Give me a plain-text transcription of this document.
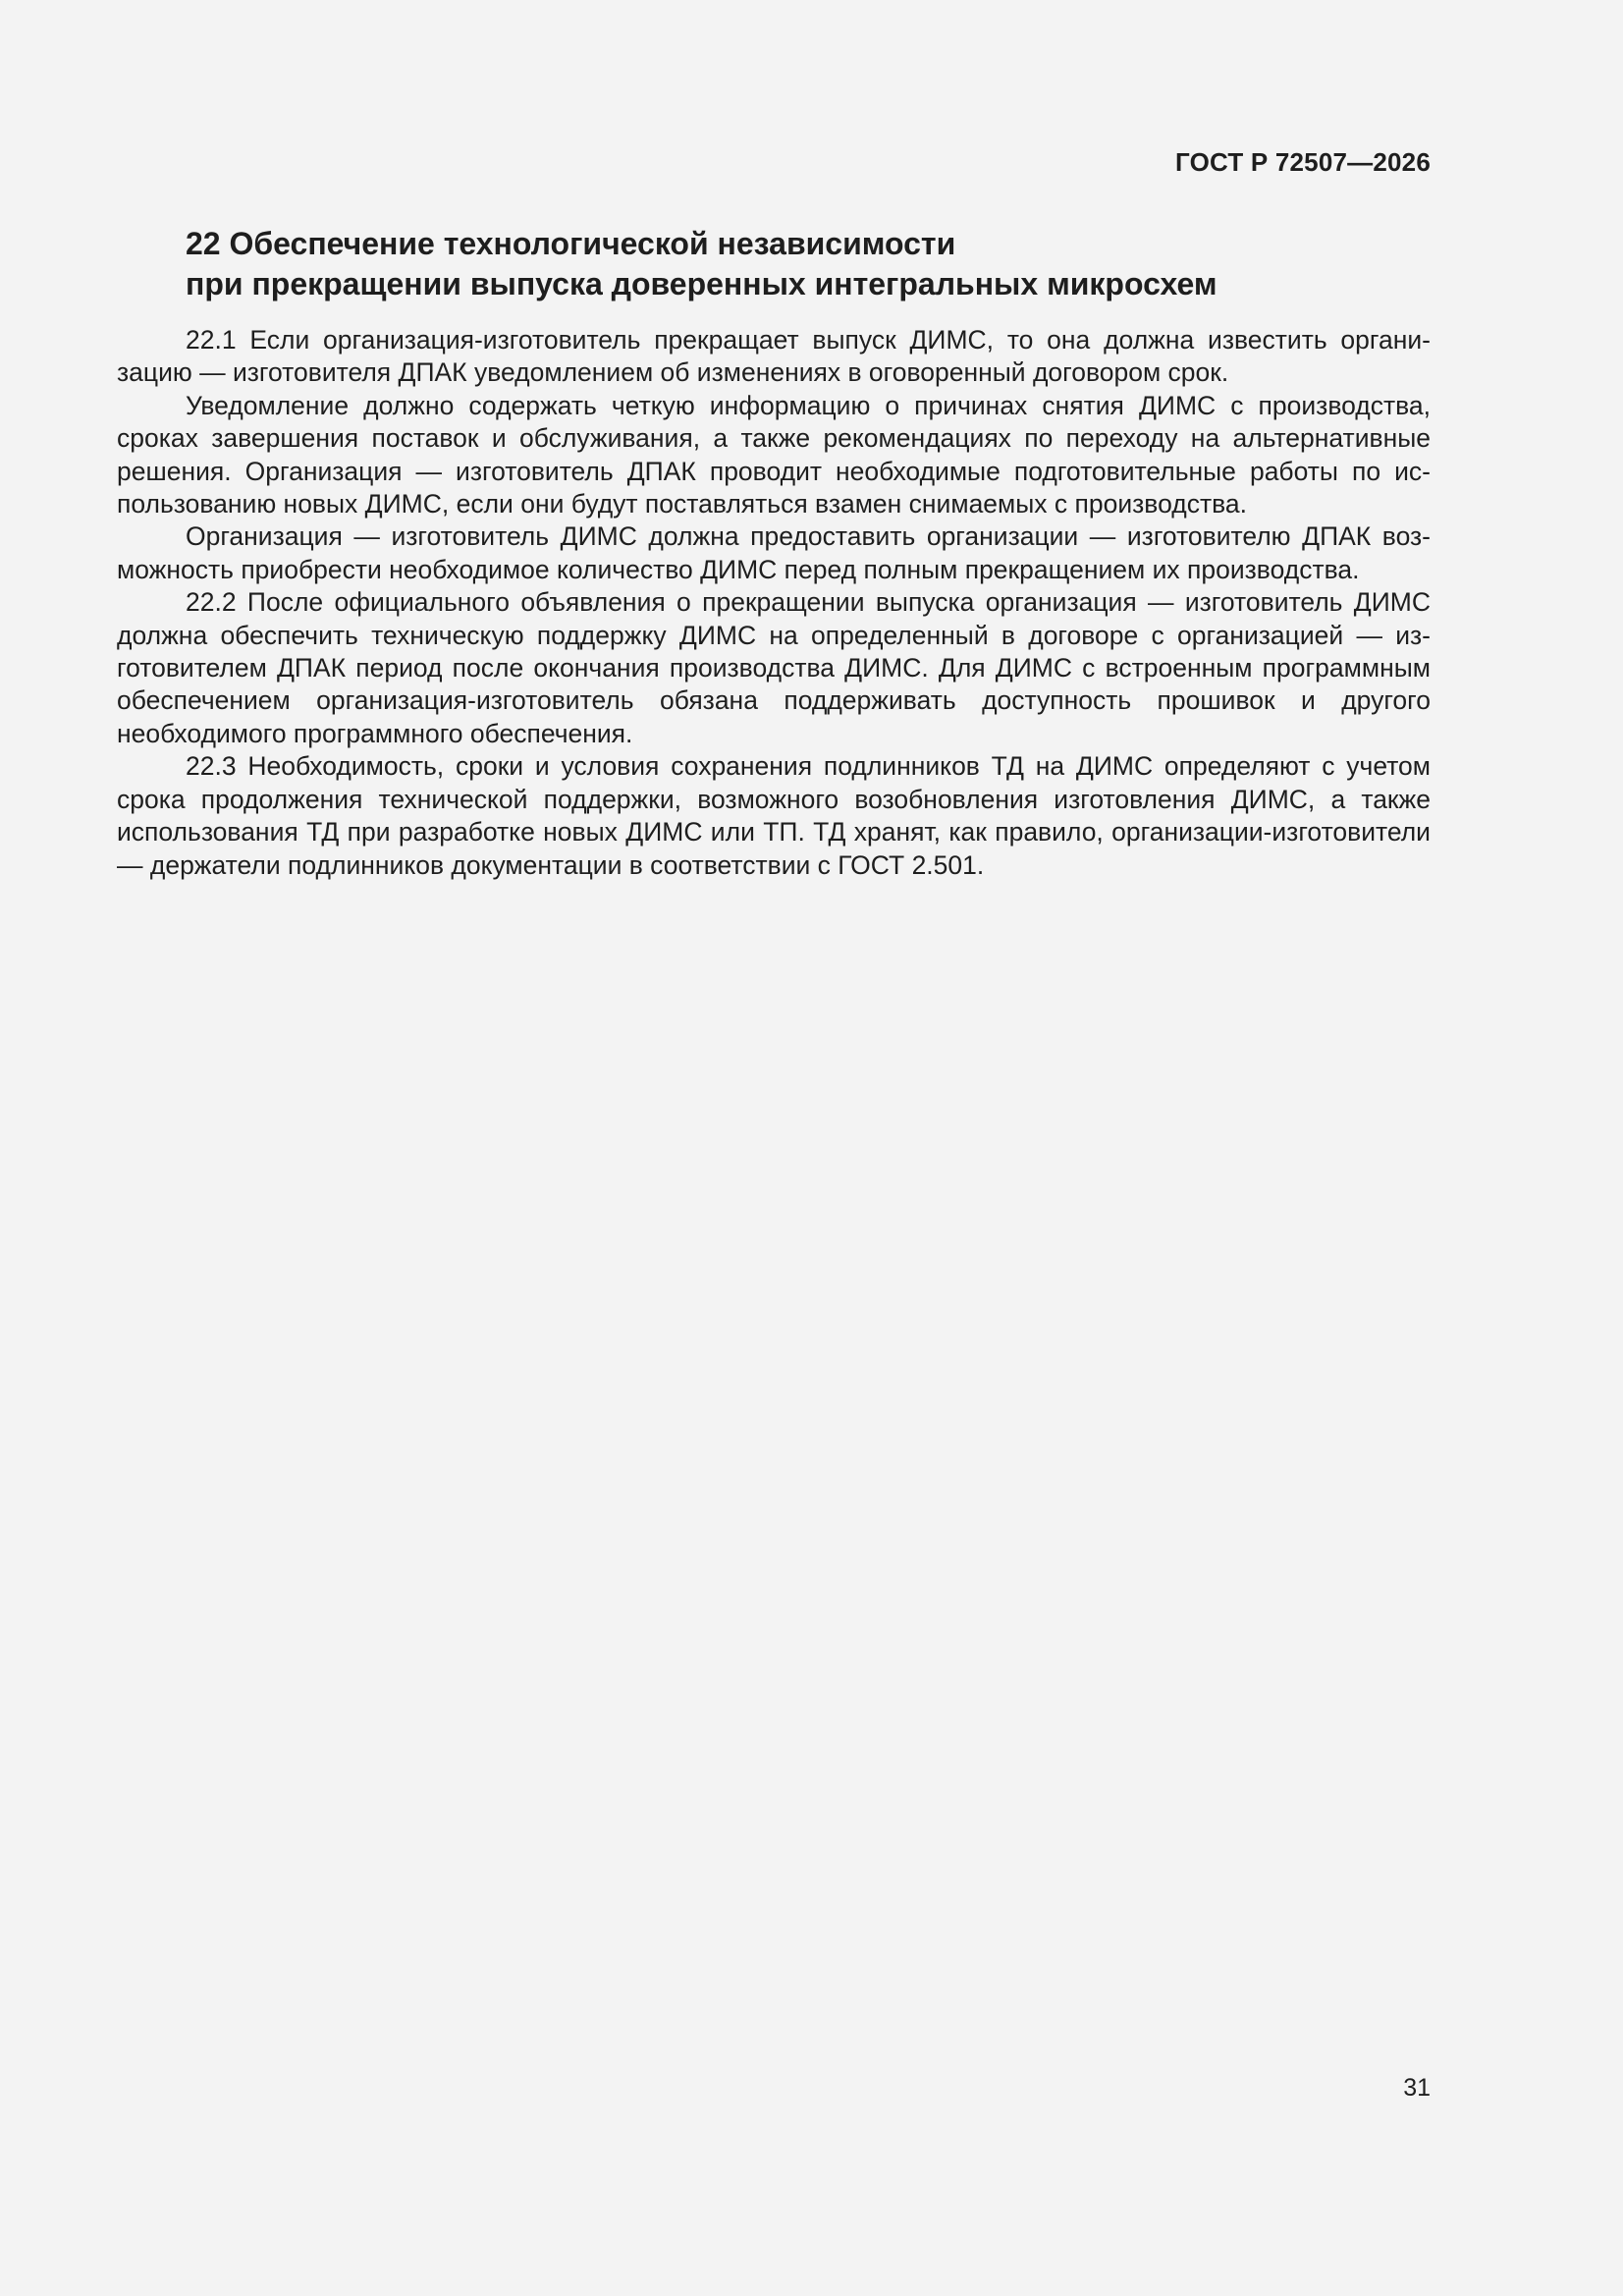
ГОСТ Р 72507—2026
22 Обеспечение технологической независимости
при прекращении выпуска доверенных интегральных микросхем

22.1 Если организация-изготовитель прекращает выпуск ДИМС, то она должна известить организацию — изготовителя ДПАК уведомлением об изменениях в оговоренный договором срок.

Уведомление должно содержать четкую информацию о причинах снятия ДИМС с производства, сроках завершения поставок и обслуживания, а также рекомендациях по переходу на альтернативные решения. Организация — изготовитель ДПАК проводит необходимые подготовительные работы по использованию новых ДИМС, если они будут поставляться взамен снимаемых с производства.

Организация — изготовитель ДИМС должна предоставить организации — изготовителю ДПАК возможность приобрести необходимое количество ДИМС перед полным прекращением их производства.

22.2 После официального объявления о прекращении выпуска организация — изготовитель ДИМС должна обеспечить техническую поддержку ДИМС на определенный в договоре с организацией — изготовителем ДПАК период после окончания производства ДИМС. Для ДИМС с встроенным программным обеспечением организация-изготовитель обязана поддерживать доступность прошивок и другого необходимого программного обеспечения.

22.3 Необходимость, сроки и условия сохранения подлинников ТД на ДИМС определяют с учетом срока продолжения технической поддержки, возможного возобновления изготовления ДИМС, а также использования ТД при разработке новых ДИМС или ТП. ТД хранят, как правило, организации-изготовители — держатели подлинников документации в соответствии с ГОСТ 2.501.

31
